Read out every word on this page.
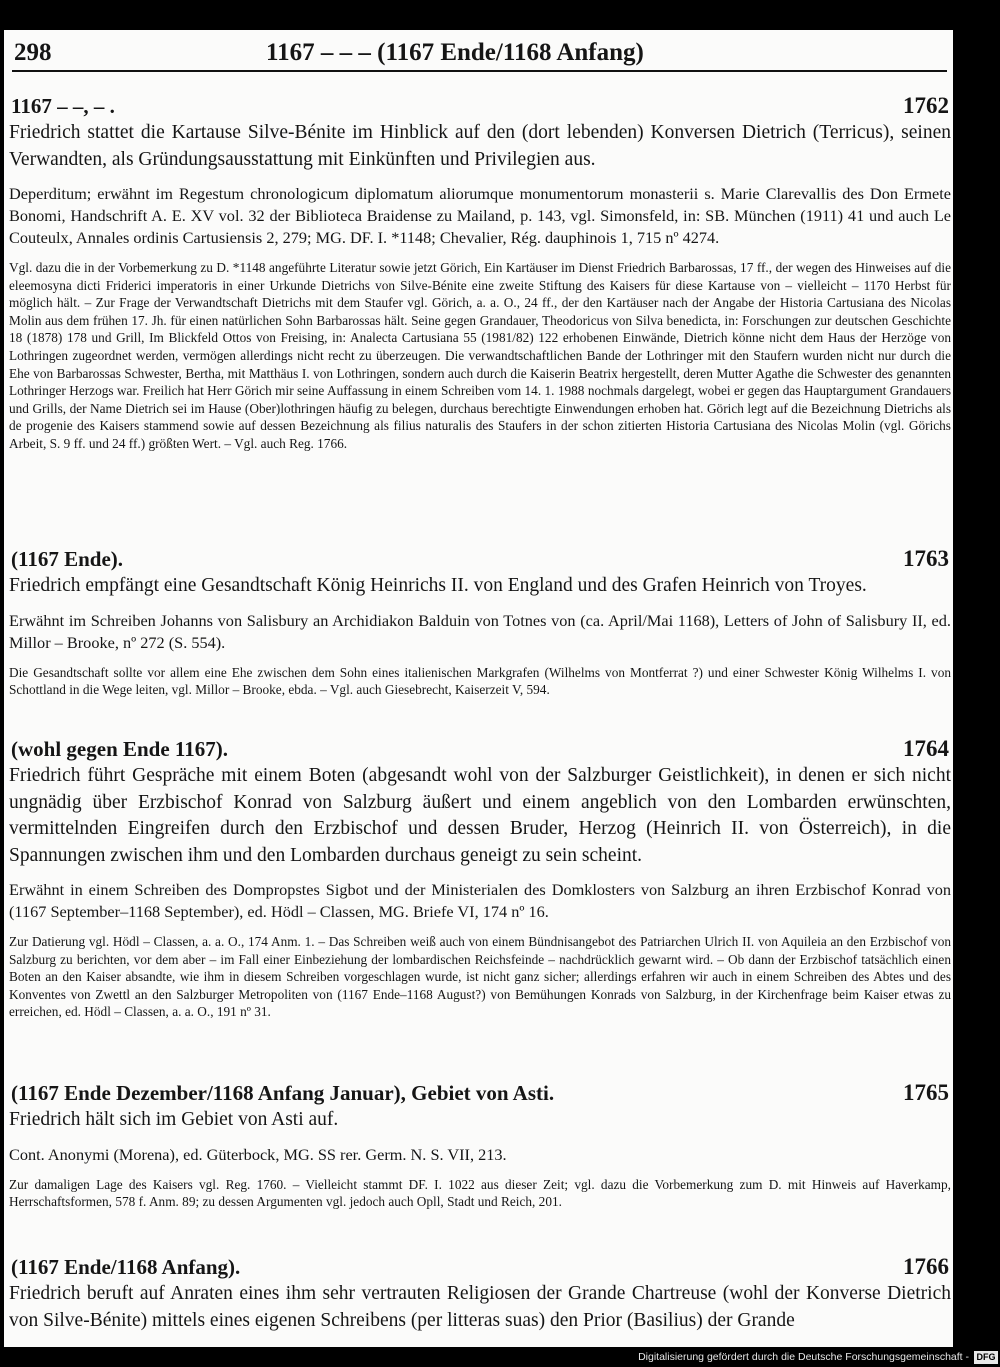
298	1167 – – – (1167 Ende/1168 Anfang)
1167 – –, – .	1762

Friedrich stattet die Kartause Silve-Bénite im Hinblick auf den (dort lebenden) Konversen Dietrich (Terricus), seinen Verwandten, als Gründungsausstattung mit Einkünften und Privilegien aus.

Deperditum; erwähnt im Regestum chronologicum diplomatum aliorumque monumentorum monasterii s. Marie Clarevallis des Don Ermete Bonomi, Handschrift A. E. XV vol. 32 der Biblioteca Braidense zu Mailand, p. 143, vgl. Simonsfeld, in: SB. München (1911) 41 und auch Le Couteulx, Annales ordinis Cartusiensis 2, 279; MG. DF. I. *1148; Chevalier, Rég. dauphinois 1, 715 nº 4274.

Vgl. dazu die in der Vorbemerkung zu D. *1148 angeführte Literatur sowie jetzt Görich, Ein Kartäuser im Dienst Friedrich Barbarossas, 17 ff., der wegen des Hinweises auf die eleemosyna dicti Friderici imperatoris in einer Urkunde Dietrichs von Silve-Bénite eine zweite Stiftung des Kaisers für diese Kartause von – vielleicht – 1170 Herbst für möglich hält. – Zur Frage der Verwandtschaft Dietrichs mit dem Staufer vgl. Görich, a. a. O., 24 ff., der den Kartäuser nach der Angabe der Historia Cartusiana des Nicolas Molin aus dem frühen 17. Jh. für einen natürlichen Sohn Barbarossas hält. Seine gegen Grandauer, Theodoricus von Silva benedicta, in: Forschungen zur deutschen Geschichte 18 (1878) 178 und Grill, Im Blickfeld Ottos von Freising, in: Analecta Cartusiana 55 (1981/82) 122 erhobenen Einwände, Dietrich könne nicht dem Haus der Herzöge von Lothringen zugeordnet werden, vermögen allerdings nicht recht zu überzeugen. Die verwandtschaftlichen Bande der Lothringer mit den Staufern wurden nicht nur durch die Ehe von Barbarossas Schwester, Bertha, mit Matthäus I. von Lothringen, sondern auch durch die Kaiserin Beatrix hergestellt, deren Mutter Agathe die Schwester des genannten Lothringer Herzogs war. Freilich hat Herr Görich mir seine Auffassung in einem Schreiben vom 14. 1. 1988 nochmals dargelegt, wobei er gegen das Hauptargument Grandauers und Grills, der Name Dietrich sei im Hause (Ober)lothringen häufig zu belegen, durchaus berechtigte Einwendungen erhoben hat. Görich legt auf die Bezeichnung Dietrichs als de progenie des Kaisers stammend sowie auf dessen Bezeichnung als filius naturalis des Staufers in der schon zitierten Historia Cartusiana des Nicolas Molin (vgl. Görichs Arbeit, S. 9 ff. und 24 ff.) größten Wert. – Vgl. auch Reg. 1766.

(1167 Ende).	1763

Friedrich empfängt eine Gesandtschaft König Heinrichs II. von England und des Grafen Heinrich von Troyes.

Erwähnt im Schreiben Johanns von Salisbury an Archidiakon Balduin von Totnes von (ca. April/Mai 1168), Letters of John of Salisbury II, ed. Millor – Brooke, nº 272 (S. 554).

Die Gesandtschaft sollte vor allem eine Ehe zwischen dem Sohn eines italienischen Markgrafen (Wilhelms von Montferrat ?) und einer Schwester König Wilhelms I. von Schottland in die Wege leiten, vgl. Millor – Brooke, ebda. – Vgl. auch Giesebrecht, Kaiserzeit V, 594.

(wohl gegen Ende 1167).	1764

Friedrich führt Gespräche mit einem Boten (abgesandt wohl von der Salzburger Geistlichkeit), in denen er sich nicht ungnädig über Erzbischof Konrad von Salzburg äußert und einem angeblich von den Lombarden erwünschten, vermittelnden Eingreifen durch den Erzbischof und dessen Bruder, Herzog (Heinrich II. von Österreich), in die Spannungen zwischen ihm und den Lombarden durchaus geneigt zu sein scheint.

Erwähnt in einem Schreiben des Dompropstes Sigbot und der Ministerialen des Domklosters von Salzburg an ihren Erzbischof Konrad von (1167 September–1168 September), ed. Hödl – Classen, MG. Briefe VI, 174 nº 16.

Zur Datierung vgl. Hödl – Classen, a. a. O., 174 Anm. 1. – Das Schreiben weiß auch von einem Bündnisangebot des Patriarchen Ulrich II. von Aquileia an den Erzbischof von Salzburg zu berichten, vor dem aber – im Fall einer Einbeziehung der lombardischen Reichsfeinde – nachdrücklich gewarnt wird. – Ob dann der Erzbischof tatsächlich einen Boten an den Kaiser absandte, wie ihm in diesem Schreiben vorgeschlagen wurde, ist nicht ganz sicher; allerdings erfahren wir auch in einem Schreiben des Abtes und des Konventes von Zwettl an den Salzburger Metropoliten von (1167 Ende–1168 August?) von Bemühungen Konrads von Salzburg, in der Kirchenfrage beim Kaiser etwas zu erreichen, ed. Hödl – Classen, a. a. O., 191 nº 31.

(1167 Ende Dezember/1168 Anfang Januar), Gebiet von Asti.	1765

Friedrich hält sich im Gebiet von Asti auf.

Cont. Anonymi (Morena), ed. Güterbock, MG. SS rer. Germ. N. S. VII, 213.

Zur damaligen Lage des Kaisers vgl. Reg. 1760. – Vielleicht stammt DF. I. 1022 aus dieser Zeit; vgl. dazu die Vorbemerkung zum D. mit Hinweis auf Haverkamp, Herrschaftsformen, 578 f. Anm. 89; zu dessen Argumenten vgl. jedoch auch Opll, Stadt und Reich, 201.

(1167 Ende/1168 Anfang).	1766

Friedrich beruft auf Anraten eines ihm sehr vertrauten Religiosen der Grande Chartreuse (wohl der Konverse Dietrich von Silve-Bénite) mittels eines eigenen Schreibens (per litteras suas) den Prior (Basilius) der Grande

Digitalisierung gefördert durch die Deutsche Forschungsgemeinschaft - DFG
